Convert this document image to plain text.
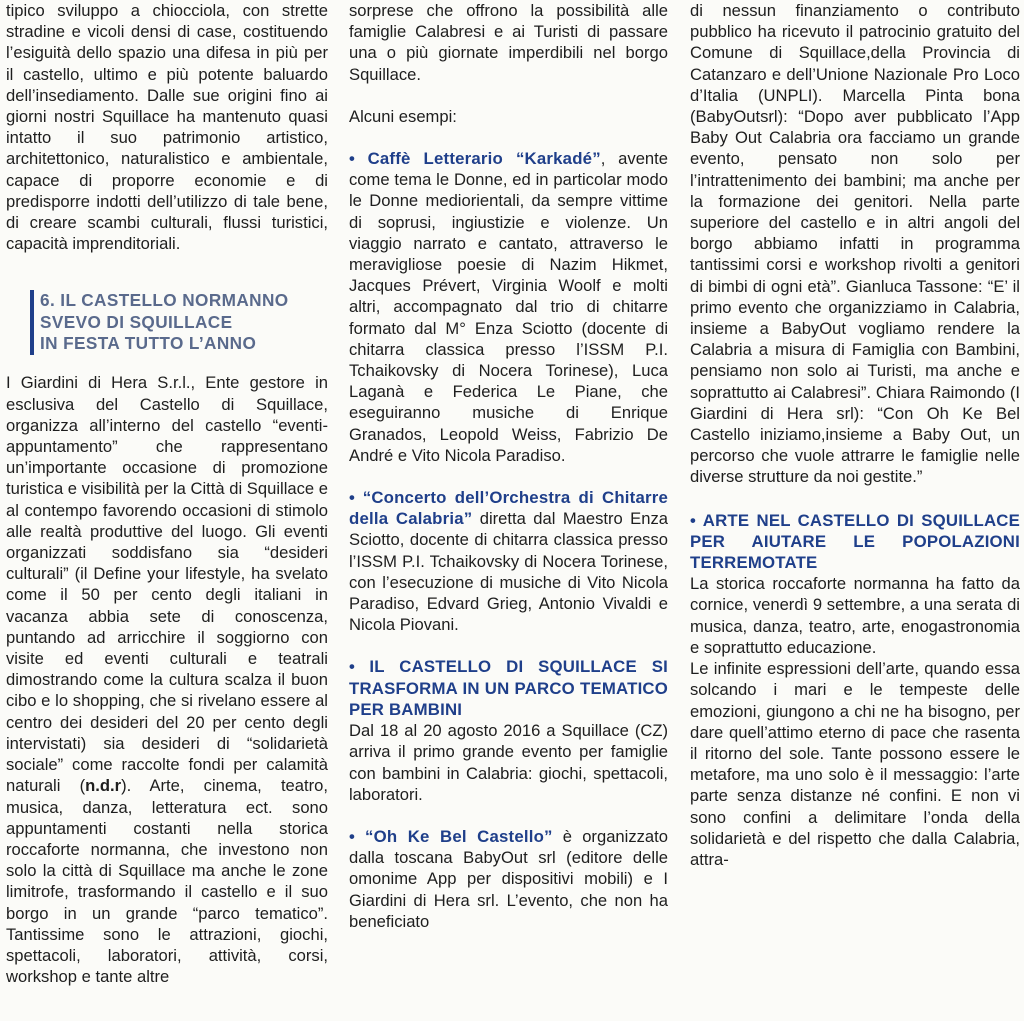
tipico sviluppo a chiocciola, con strette stradine e vicoli densi di case, costituendo l’esiguità dello spazio una difesa in più per il castello, ultimo e più potente baluardo dell’insediamento. Dalle sue origini fino ai giorni nostri Squillace ha mantenuto quasi intatto il suo patrimonio artistico, architettonico, naturalistico e ambientale, capace di proporre economie e di predisporre indotti dell’utilizzo di tale bene, di creare scambi culturali, flussi turistici, capacità imprenditoriali.

I Giardini di Hera S.r.l., Ente gestore in esclusiva del Castello di Squillace, organizza all’interno del castello “eventi- appuntamento” che rappresentano un’importante occasione di promozione turistica e visibilità per la Città di Squillace e al contempo favorendo occasioni di stimolo alle realtà produttive del luogo. Gli eventi organizzati soddisfano sia “desideri culturali” (il Define your lifestyle, ha svelato come il 50 per cento degli italiani in vacanza abbia sete di conoscenza, puntando ad arricchire il soggiorno con visite ed eventi culturali e teatrali dimostrando come la cultura scalza il buon cibo e lo shopping, che si rivelano essere al centro dei desideri del 20 per cento degli intervistati) sia desideri di “solidarietà sociale” come raccolte fondi per calamità naturali (n.d.r). Arte, cinema, teatro, musica, danza, letteratura ect. sono appuntamenti costanti nella storica roccaforte normanna, che investono non solo la città di Squillace ma anche le zone limitrofe, trasformando il castello e il suo borgo in un grande “parco tematico”. Tantissime sono le attrazioni, giochi, spettacoli, laboratori, attività, corsi, workshop e tante altre

6. IL CASTELLO NORMANNO
SVEVO DI SQUILLACE
IN FESTA TUTTO L’ANNO

sorprese che offrono la possibilità alle famiglie Calabresi e ai Turisti di passare una o più giornate imperdibili nel borgo Squillace.

Alcuni esempi:

• Caffè Letterario “Karkadé”, avente come tema le Donne, ed in particolar modo le Donne mediorientali, da sempre vittime di soprusi, ingiustizie e violenze. Un viaggio narrato e cantato, attraverso le meravigliose poesie di Nazim Hikmet, Jacques Prévert, Virginia Woolf e molti altri, accompagnato dal trio di chitarre formato dal M° Enza Sciotto (docente di chitarra classica presso l’ISSM P.I. Tchaikovsky di Nocera Torinese), Luca Laganà e Federica Le Piane, che eseguiranno musiche di Enrique Granados, Leopold Weiss, Fabrizio De André e Vito Nicola Paradiso.

• “Concerto dell’Orchestra di Chitarre della Calabria” diretta dal Maestro Enza Sciotto, docente di chitarra classica presso l’ISSM P.I. Tchaikovsky di Nocera Torinese, con l’esecuzione di musiche di Vito Nicola Paradiso, Edvard Grieg, Antonio Vivaldi e Nicola Piovani.

• IL CASTELLO DI SQUILLACE SI TRASFORMA IN UN PARCO TEMATICO PER BAMBINI

Dal 18 al 20 agosto 2016 a Squillace (CZ) arriva il primo grande evento per famiglie con bambini in Calabria: giochi, spettacoli, laboratori.

• “Oh Ke Bel Castello” è organizzato dalla toscana BabyOut srl (editore delle omonime App per dispositivi mobili) e I Giardini di Hera srl. L’evento, che non ha beneficiato

di nessun finanziamento o contributo pubblico ha ricevuto il patrocinio gratuito del Comune di Squillace,della Provincia di Catanzaro e dell’Unione Nazionale Pro Loco d’Italia (UNPLI). Marcella Pinta bona (BabyOutsrl): “Dopo aver pubblicato l’App Baby Out Calabria ora facciamo un grande evento, pensato non solo per l’intrattenimento dei bambini; ma anche per la formazione dei genitori. Nella parte superiore del castello e in altri angoli del borgo abbiamo infatti in programma tantissimi corsi e workshop rivolti a genitori di bimbi di ogni età”. Gianluca Tassone: “E’ il primo evento che organizziamo in Calabria, insieme a BabyOut vogliamo rendere la Calabria a misura di Famiglia con Bambini, pensiamo non solo ai Turisti, ma anche e soprattutto ai Calabresi”. Chiara Raimondo (I Giardini di Hera srl): “Con Oh Ke Bel Castello iniziamo,insieme a Baby Out, un percorso che vuole attrarre le famiglie nelle diverse strutture da noi gestite.”

• ARTE NEL CASTELLO DI SQUILLACE PER AIUTARE LE POPOLAZIONI TERREMOTATE

La storica roccaforte normanna ha fatto da cornice, venerdì 9 settembre, a una serata di musica, danza, teatro, arte, enogastronomia e soprattutto educazione.

Le infinite espressioni dell’arte, quando essa solcando i mari e le tempeste delle emozioni, giungono a chi ne ha bisogno, per dare quell’attimo eterno di pace che rasenta il ritorno del sole. Tante possono essere le metafore, ma uno solo è il messaggio: l’arte parte senza distanze né confini. E non vi sono confini a delimitare l’onda della solidarietà e del rispetto che dalla Calabria, attra-
